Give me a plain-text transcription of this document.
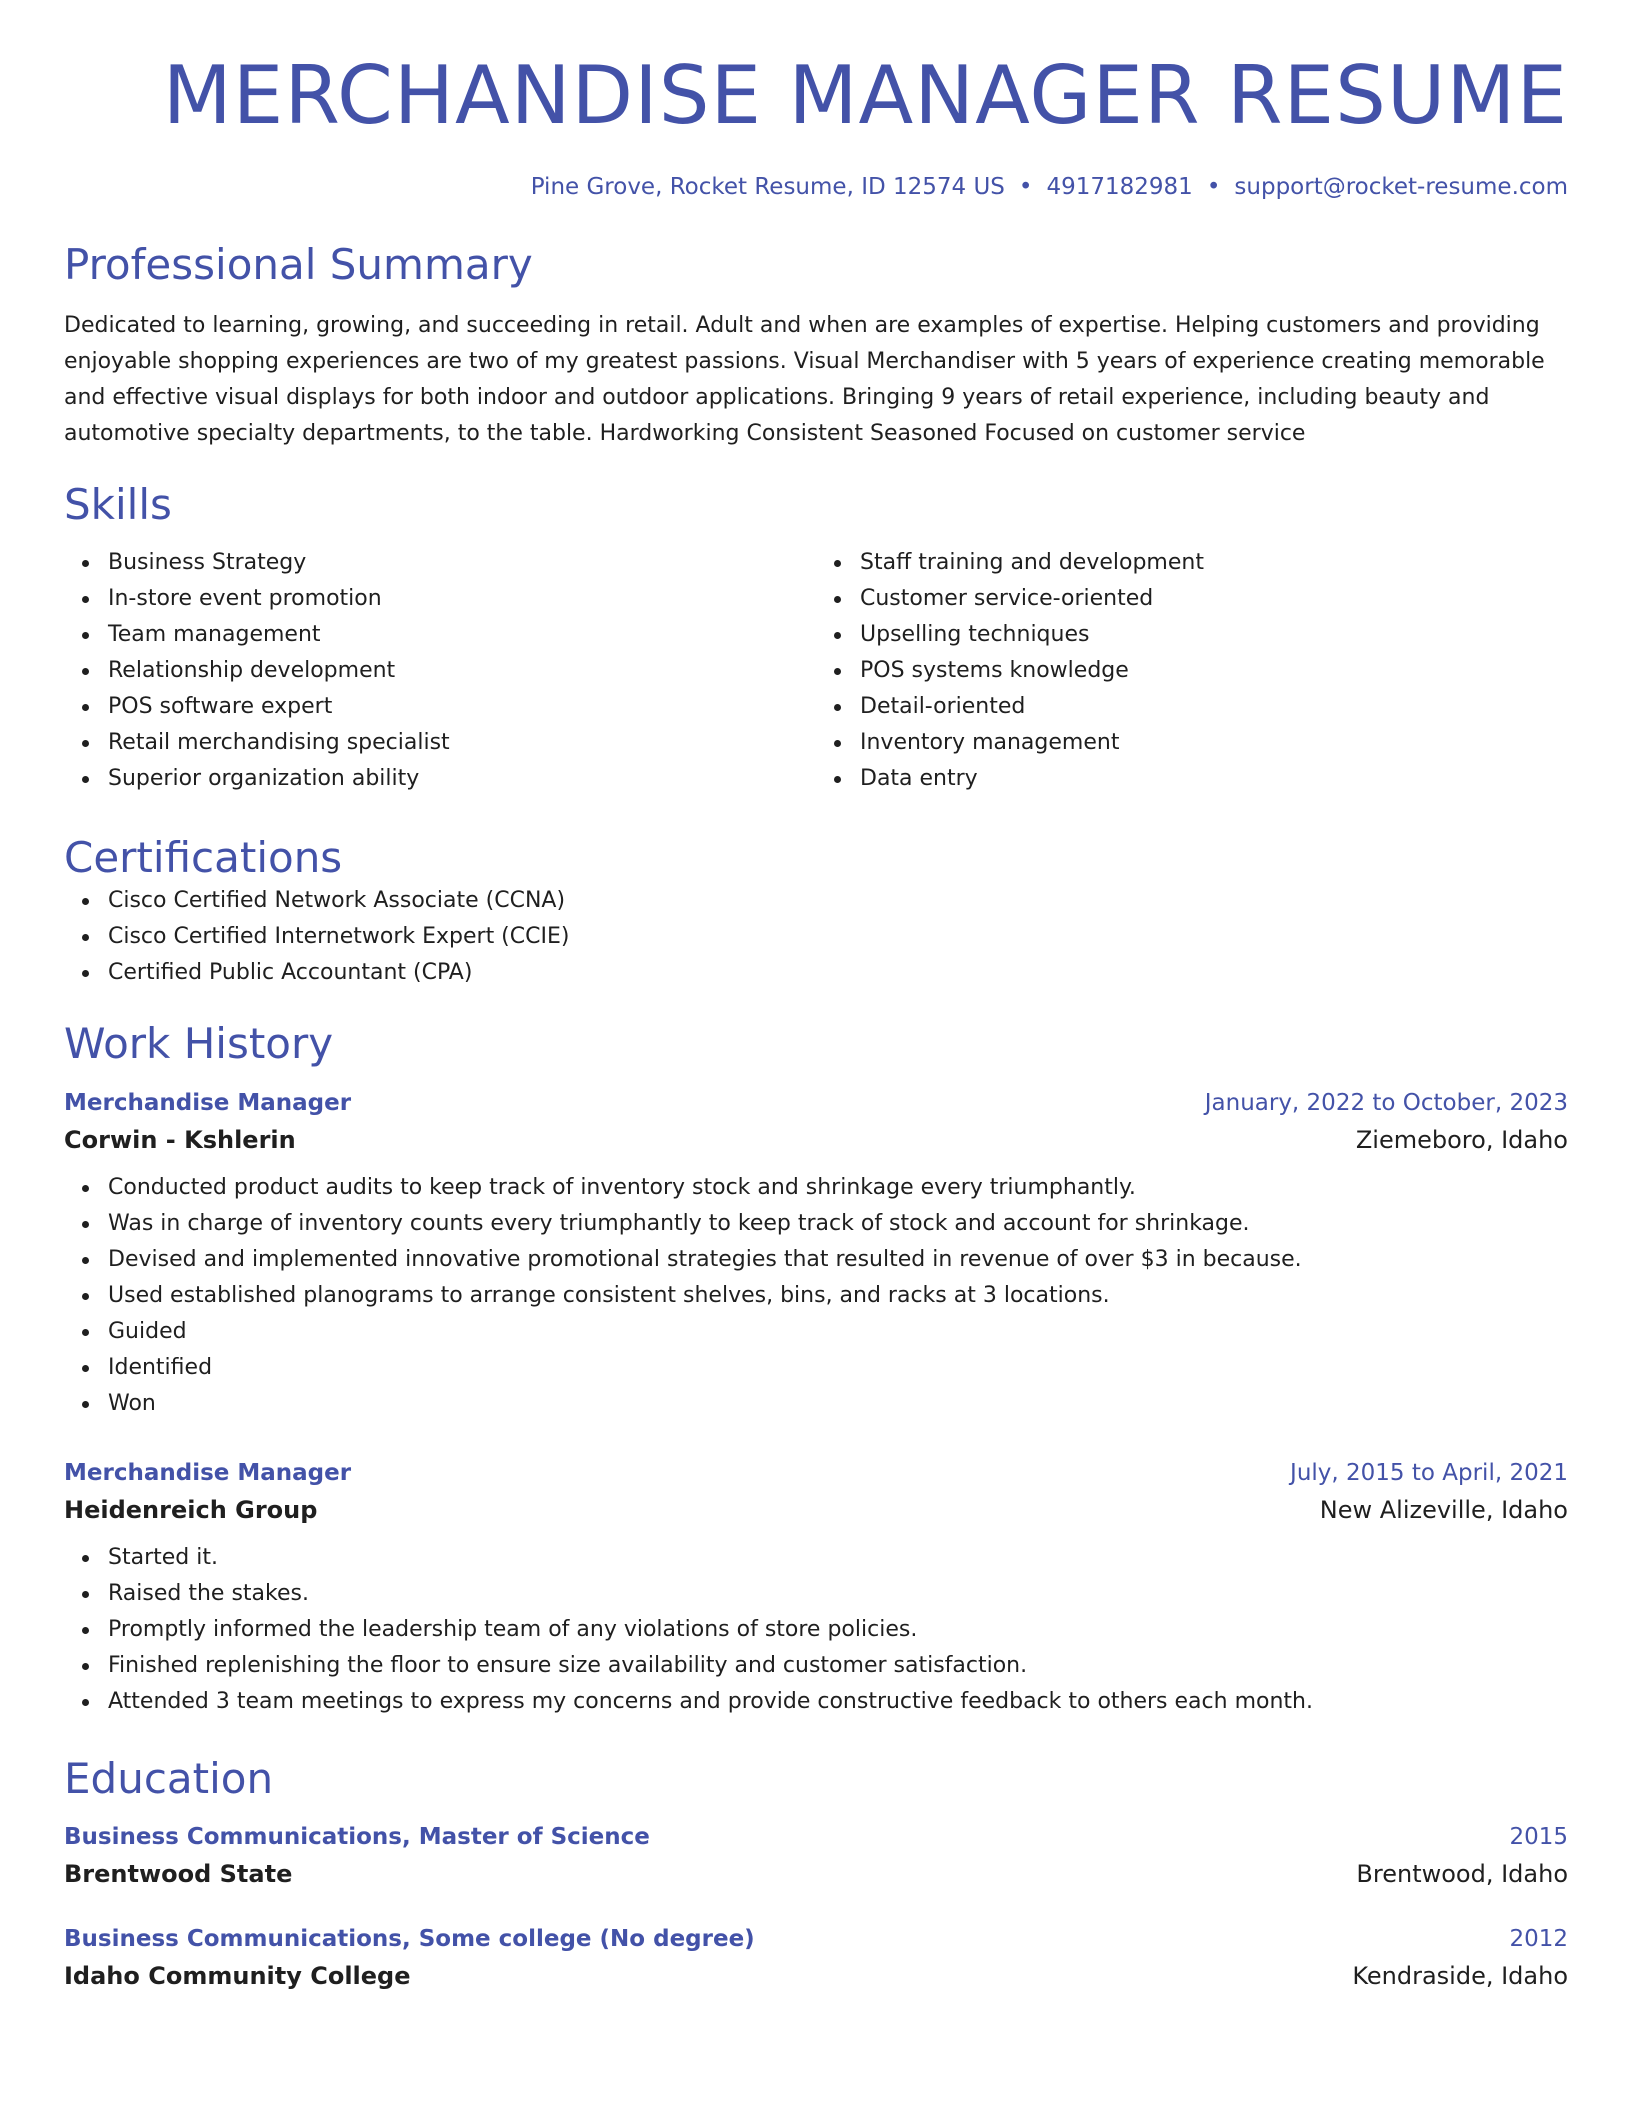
MERCHANDISE MANAGER RESUME
Pine Grove, Rocket Resume, ID 12574 US • 4917182981 • support@rocket-resume.com
Professional Summary

Dedicated to learning, growing, and succeeding in retail. Adult and when are examples of expertise. Helping customers and providing enjoyable shopping experiences are two of my greatest passions. Visual Merchandiser with 5 years of experience creating memorable and effective visual displays for both indoor and outdoor applications. Bringing 9 years of retail experience, including beauty and automotive specialty departments, to the table. Hardworking Consistent Seasoned Focused on customer service

Skills
Business Strategy
In-store event promotion
Team management
Relationship development
POS software expert
Retail merchandising specialist
Superior organization ability
Staff training and development
Customer service-oriented
Upselling techniques
POS systems knowledge
Detail-oriented
Inventory management
Data entry
Certifications
Cisco Certified Network Associate (CCNA)
Cisco Certified Internetwork Expert (CCIE)
Certified Public Accountant (CPA)
Work History
Merchandise Manager	January, 2022 to October, 2023
Corwin - Kshlerin	Ziemeboro, Idaho
Conducted product audits to keep track of inventory stock and shrinkage every triumphantly.
Was in charge of inventory counts every triumphantly to keep track of stock and account for shrinkage.
Devised and implemented innovative promotional strategies that resulted in revenue of over $3 in because.
Used established planograms to arrange consistent shelves, bins, and racks at 3 locations.
Guided
Identified
Won
Merchandise Manager	July, 2015 to April, 2021
Heidenreich Group	New Alizeville, Idaho
Started it.
Raised the stakes.
Promptly informed the leadership team of any violations of store policies.
Finished replenishing the floor to ensure size availability and customer satisfaction.
Attended 3 team meetings to express my concerns and provide constructive feedback to others each month.
Education
Business Communications, Master of Science	2015
Brentwood State	Brentwood, Idaho
Business Communications, Some college (No degree)	2012
Idaho Community College	Kendraside, Idaho
